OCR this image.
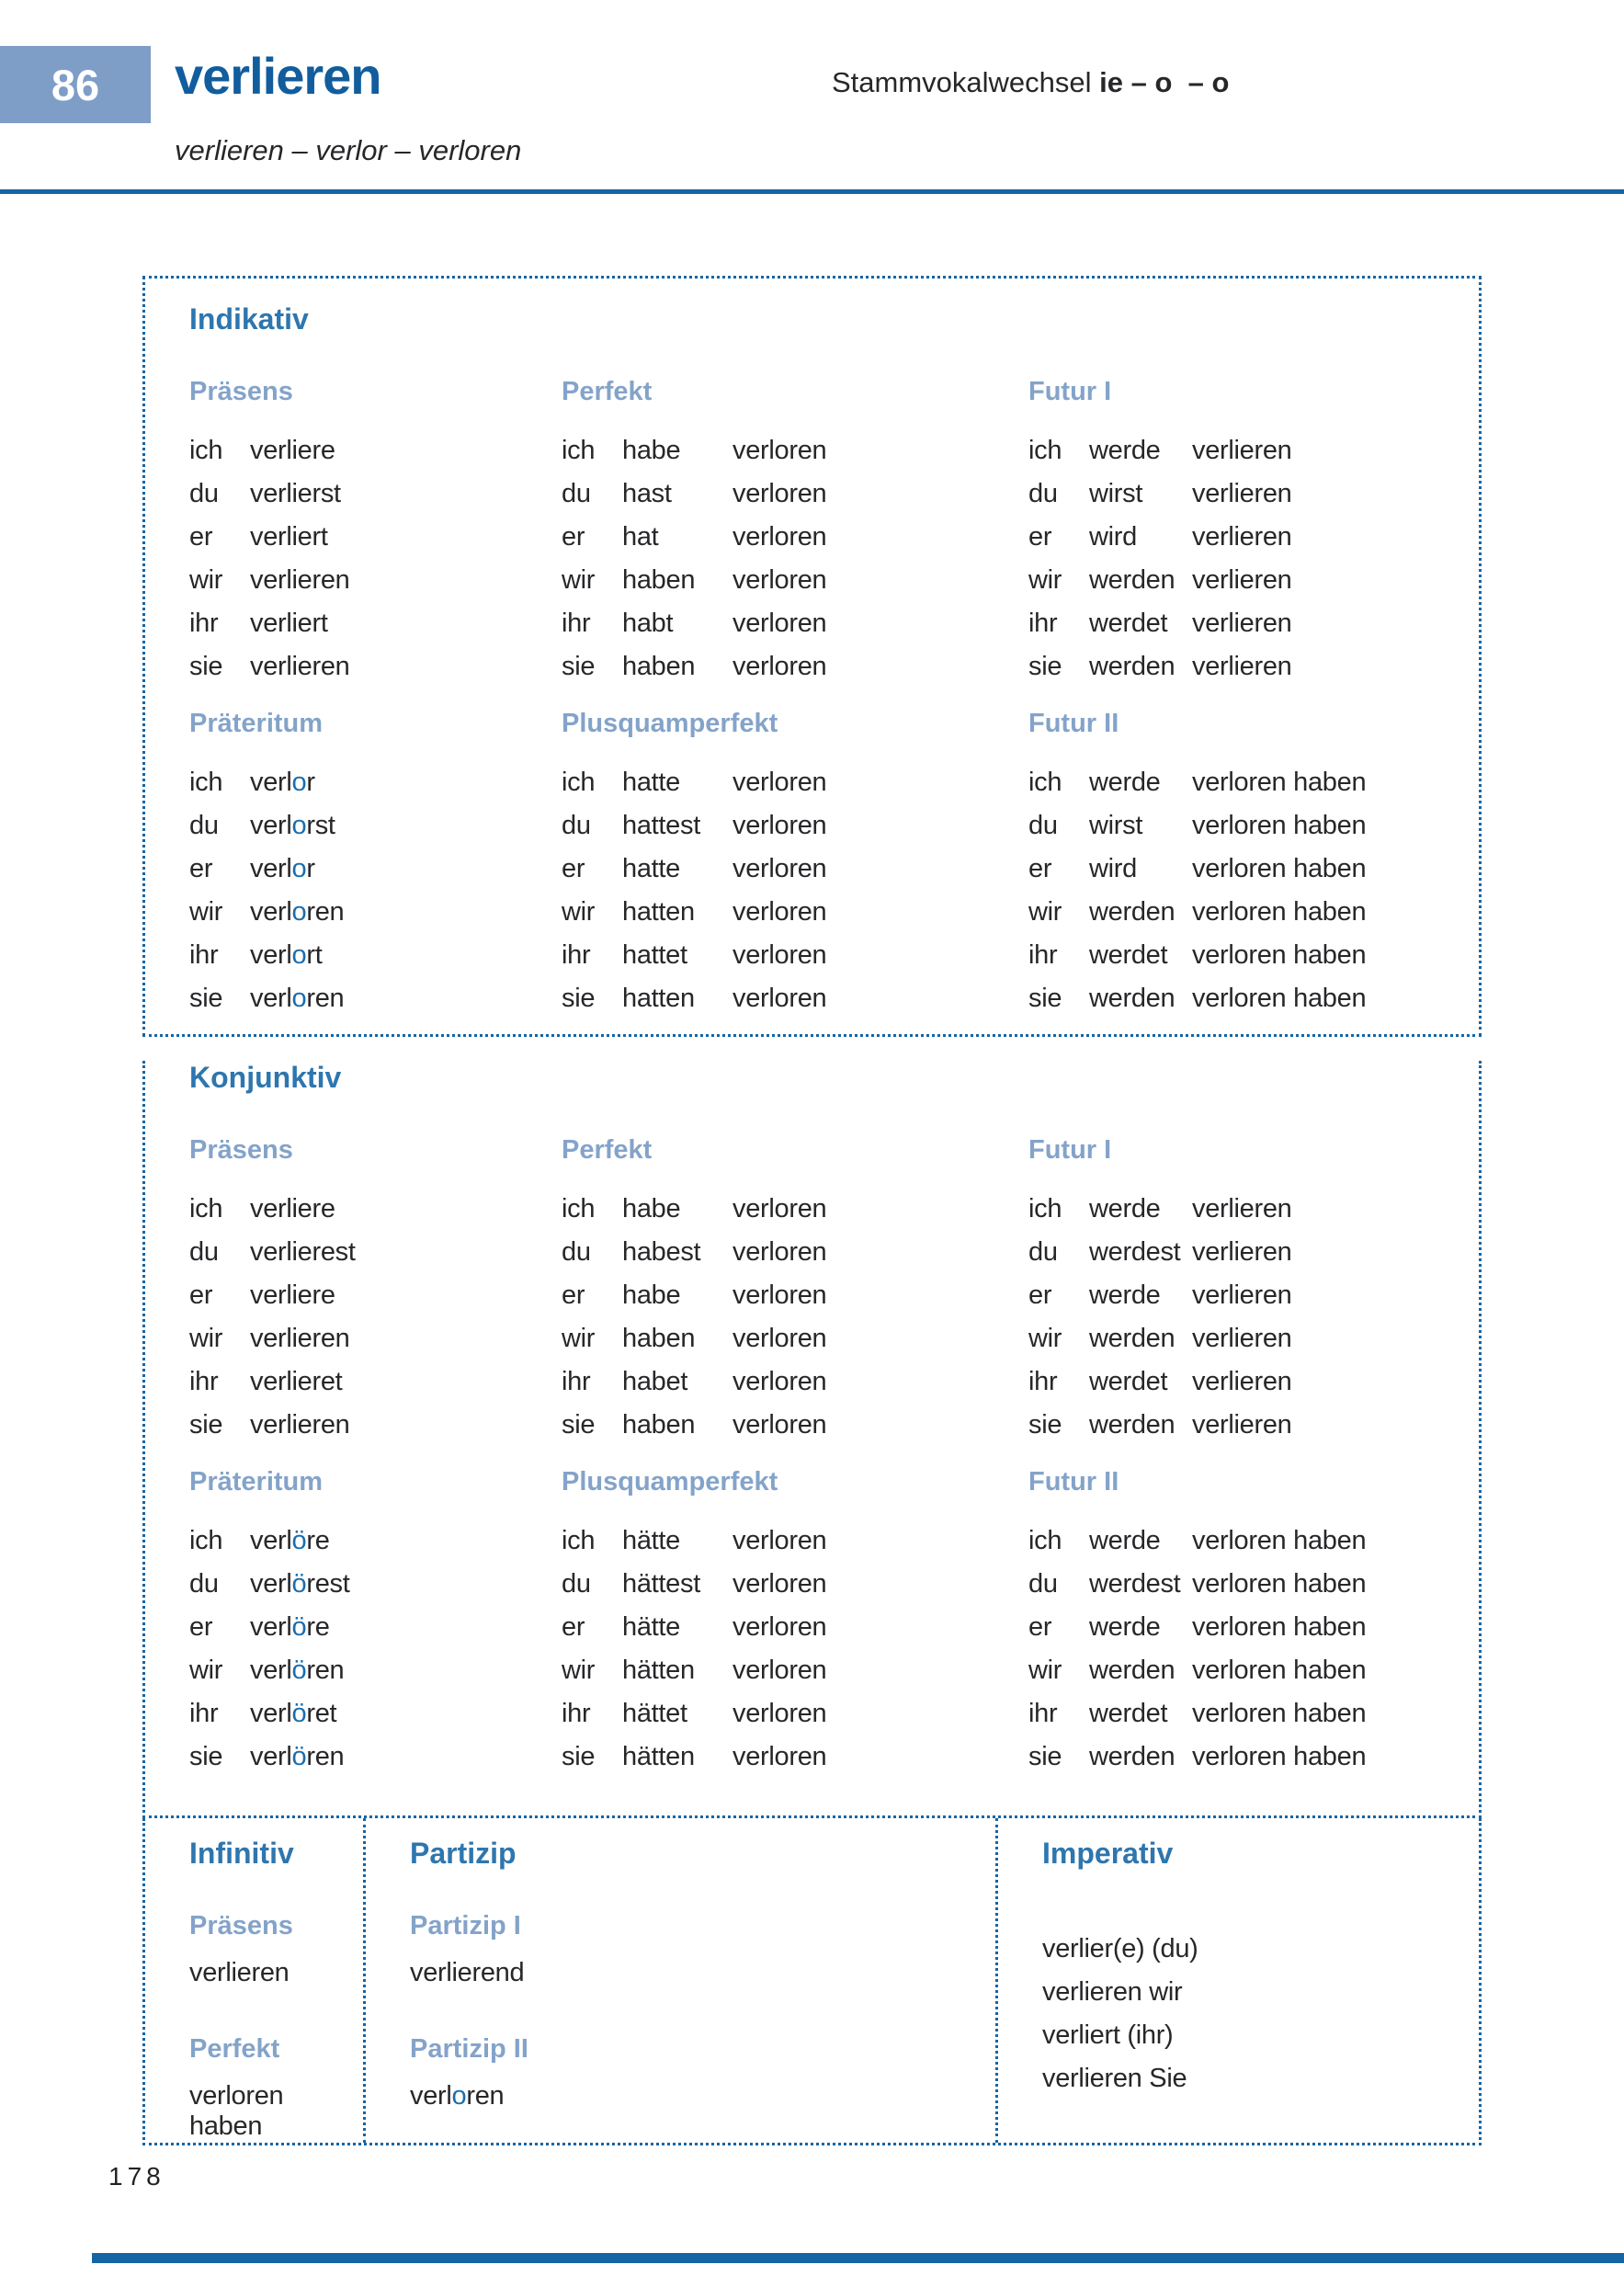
86 verlieren	Stammvokalwechsel ie – o  – o
verlieren – verlor – verloren
Indikativ
Präsens
ich verliere
du verlierst
er verliert
wir verlieren
ihr verliert
sie verlieren
Perfekt
ich habe verloren
du hast verloren
er hat	verloren
wir haben verloren
ihr habt verloren
sie haben verloren
Futur I
ich werde verlieren
du wirst verlieren
er wird verlieren
wir werden verlieren
ihr werdet verlieren
sie werden verlieren
Präteritum
ich verlor
du verlorst
er verlor
wir verloren
ihr verlort
sie verloren
Plusquamperfekt
ich hatte verloren
du hattest verloren
er hatte verloren
wir hatten verloren
ihr hattet verloren
sie hatten verloren
Futur II
ich werde verloren haben
du wirst verloren haben
er wird verloren haben
wir werden verloren haben
ihr werdet verloren haben
sie werden verloren haben
Konjunktiv
Präsens
ich verliere
du verlierest
er verliere
wir verlieren
ihr verlieret
sie verlieren
Perfekt
ich habe verloren
du habest verloren
er habe verloren
wir haben verloren
ihr habet verloren
sie haben verloren
Futur I
ich werde verlieren
du werdest verlieren
er werde verlieren
wir werden verlieren
ihr werdet verlieren
sie werden verlieren
Präteritum
ich verlöre
du verlörest
er verlöre
wir verlören
ihr verlöret
sie verlören
Plusquamperfekt
ich hätte verloren
du hättest verloren
er hätte verloren
wir hätten verloren
ihr hättet verloren
sie hätten verloren
Futur II
ich werde verloren haben
du werdest verloren haben
er werde verloren haben
wir werden verloren haben
ihr werdet verloren haben
sie werden verloren haben
Infinitiv
Präsens
verlieren
Perfekt
verloren haben
Partizip
Partizip I
verlierend
Partizip II
verloren
Imperativ
verlier(e) (du)
verlieren wir
verliert (ihr)
verlieren Sie
178
